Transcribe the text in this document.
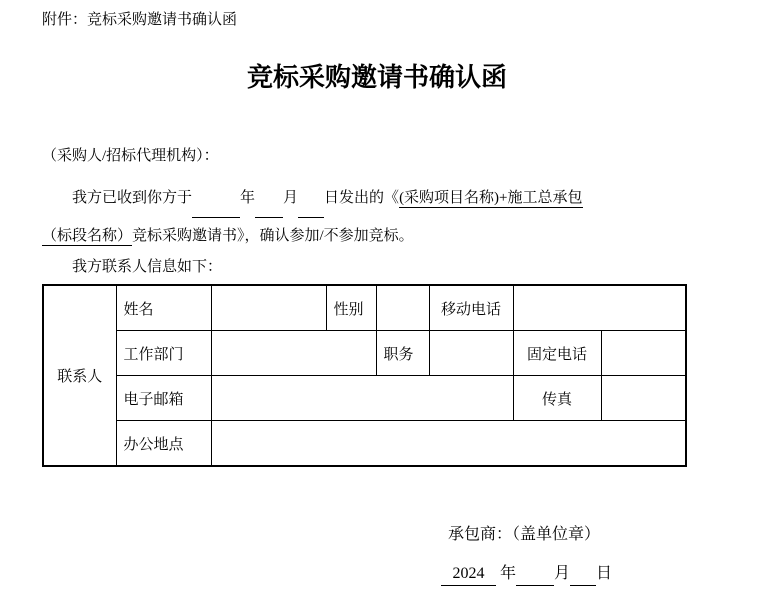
附件：竞标采购邀请书确认函

竞标采购邀请书确认函

（采购人/招标代理机构）：

我方已收到你方于	年 月 日发出的《(采购项目名称)+施工总承包
（标段名称）竞标采购邀请书》，确认参加/不参加竞标。

我方联系人信息如下：

联系人	姓名		性别		移动电话		
	工作部门			职务		固定电话	
	电子邮箱					传真	
	办公地点						

承包商：（盖单位章）

2024 年 月 日
